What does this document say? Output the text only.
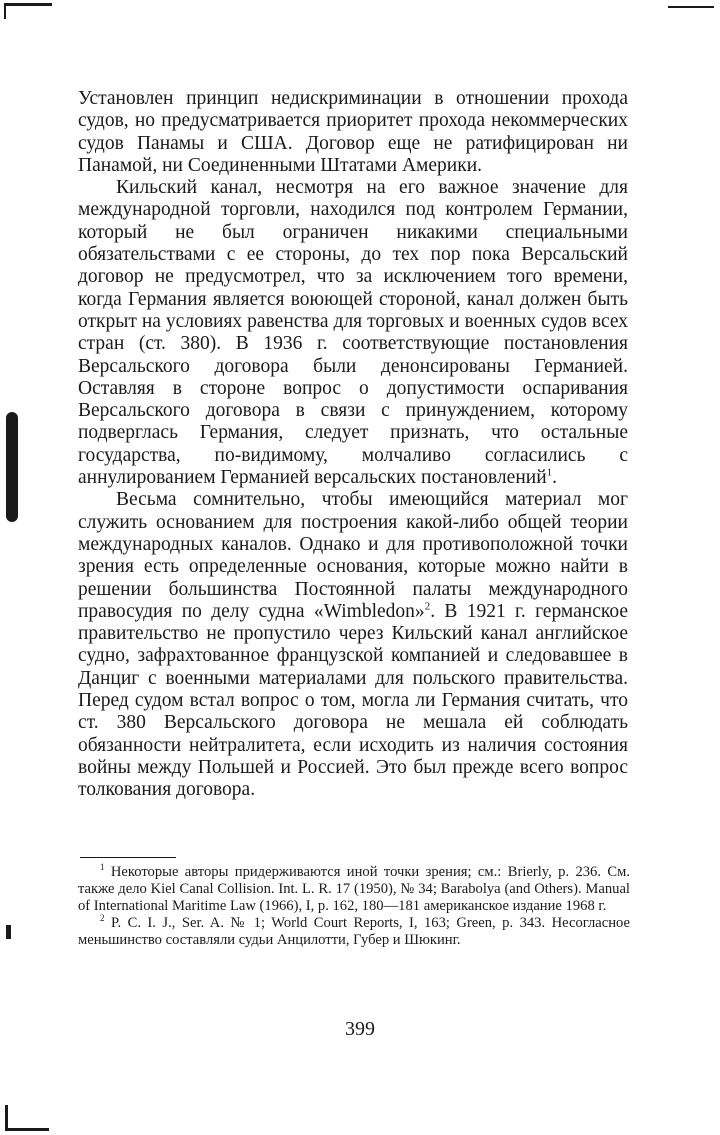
Установлен принцип недискриминации в отношении прохода судов, но предусматривается приоритет прохода некоммерческих судов Панамы и США. Договор еще не ратифицирован ни Панамой, ни Соединенными Штатами Америки.

Кильский канал, несмотря на его важное значение для международной торговли, находился под контролем Германии, который не был ограничен никакими специальными обязательствами с ее стороны, до тех пор пока Версальский договор не предусмотрел, что за исключением того времени, когда Германия является воюющей стороной, канал должен быть открыт на условиях равенства для торговых и военных судов всех стран (ст. 380). В 1936 г. соответствующие постановления Версальского договора были денонсированы Германией. Оставляя в стороне вопрос о допустимости оспаривания Версальского договора в связи с принуждением, которому подверглась Германия, следует признать, что остальные государства, по-видимому, молчаливо согласились с аннулированием Германией версальских постановлений$^1$.

Весьма сомнительно, чтобы имеющийся материал мог служить основанием для построения какой-либо общей теории международных каналов. Однако и для противоположной точки зрения есть определенные основания, которые можно найти в решении большинства Постоянной палаты международного правосудия по делу судна «Wimbledon»$^2$. В 1921 г. германское правительство не пропустило через Кильский канал английское судно, зафрахтованное французской компанией и следовавшее в Данциг с военными материалами для польского правительства. Перед судом встал вопрос о том, могла ли Германия считать, что ст. 380 Версальского договора не мешала ей соблюдать обязанности нейтралитета, если исходить из наличия состояния войны между Польшей и Россией. Это был прежде всего вопрос толкования договора.

$^1$ Некоторые авторы придерживаются иной точки зрения; см.: Brierly, p. 236. См. также дело Kiel Canal Collision. Int. L. R. 17 (1950), № 34; Barabolya (and Others). Manual of International Maritime Law (1966), I, p. 162, 180—181 американское издание 1968 г.

$^2$ P. C. I. J., Ser. A. № 1; World Court Reports, I, 163; Green, p. 343. Несогласное меньшинство составляли судьи Анцилотти, Губер и Шюкинг.

399
